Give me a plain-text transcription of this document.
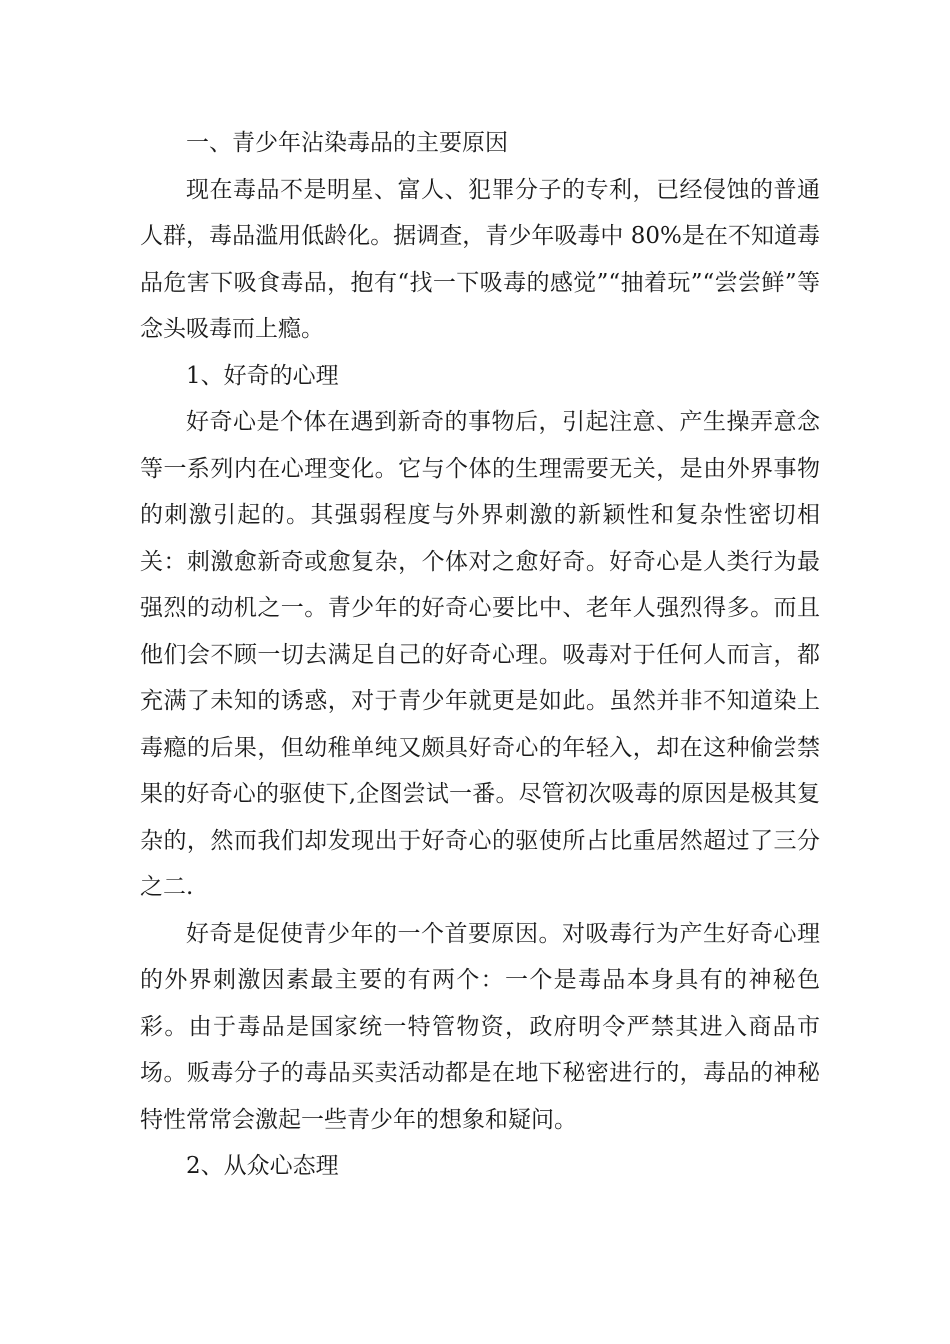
一、青少年沾染毒品的主要原因

现在毒品不是明星、富人、犯罪分子的专利，已经侵蚀的普通人群，毒品滥用低龄化。据调查，青少年吸毒中 80%是在不知道毒品危害下吸食毒品，抱有“找一下吸毒的感觉”“抽着玩”“尝尝鲜”等念头吸毒而上瘾。

1、好奇的心理

好奇心是个体在遇到新奇的事物后，引起注意、产生操弄意念等一系列内在心理变化。它与个体的生理需要无关，是由外界事物的刺激引起的。其强弱程度与外界刺激的新颖性和复杂性密切相关：刺激愈新奇或愈复杂，个体对之愈好奇。好奇心是人类行为最强烈的动机之一。青少年的好奇心要比中、老年人强烈得多。而且他们会不顾一切去满足自己的好奇心理。吸毒对于任何人而言，都充满了未知的诱惑，对于青少年就更是如此。虽然并非不知道染上毒瘾的后果，但幼稚单纯又颇具好奇心的年轻入，却在这种偷尝禁果的好奇心的驱使下,企图尝试一番。尽管初次吸毒的原因是极其复杂的，然而我们却发现出于好奇心的驱使所占比重居然超过了三分之二.

好奇是促使青少年的一个首要原因。对吸毒行为产生好奇心理的外界刺激因素最主要的有两个：一个是毒品本身具有的神秘色彩。由于毒品是国家统一特管物资，政府明令严禁其进入商品市场。贩毒分子的毒品买卖活动都是在地下秘密进行的，毒品的神秘特性常常会激起一些青少年的想象和疑问。

2、从众心态理
